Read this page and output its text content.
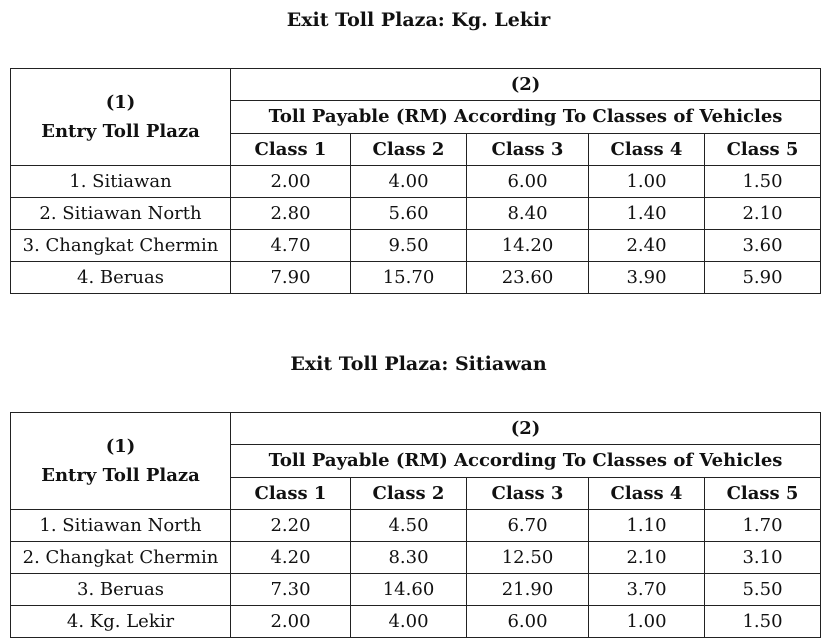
Exit Toll Plaza: Kg. Lekir
(1)
Entry Toll Plaza	(2)				
	Toll Payable (RM) According To Classes of Vehicles				
	Class 1	Class 2	Class 3	Class 4	Class 5
1. Sitiawan	2.00	4.00	6.00	1.00	1.50
2. Sitiawan North	2.80	5.60	8.40	1.40	2.10
3. Changkat Chermin	4.70	9.50	14.20	2.40	3.60
4. Beruas	7.90	15.70	23.60	3.90	5.90
Exit Toll Plaza: Sitiawan
(1)
Entry Toll Plaza	(2)				
	Toll Payable (RM) According To Classes of Vehicles				
	Class 1	Class 2	Class 3	Class 4	Class 5
1. Sitiawan North	2.20	4.50	6.70	1.10	1.70
2. Changkat Chermin	4.20	8.30	12.50	2.10	3.10
3. Beruas	7.30	14.60	21.90	3.70	5.50
4. Kg. Lekir	2.00	4.00	6.00	1.00	1.50
